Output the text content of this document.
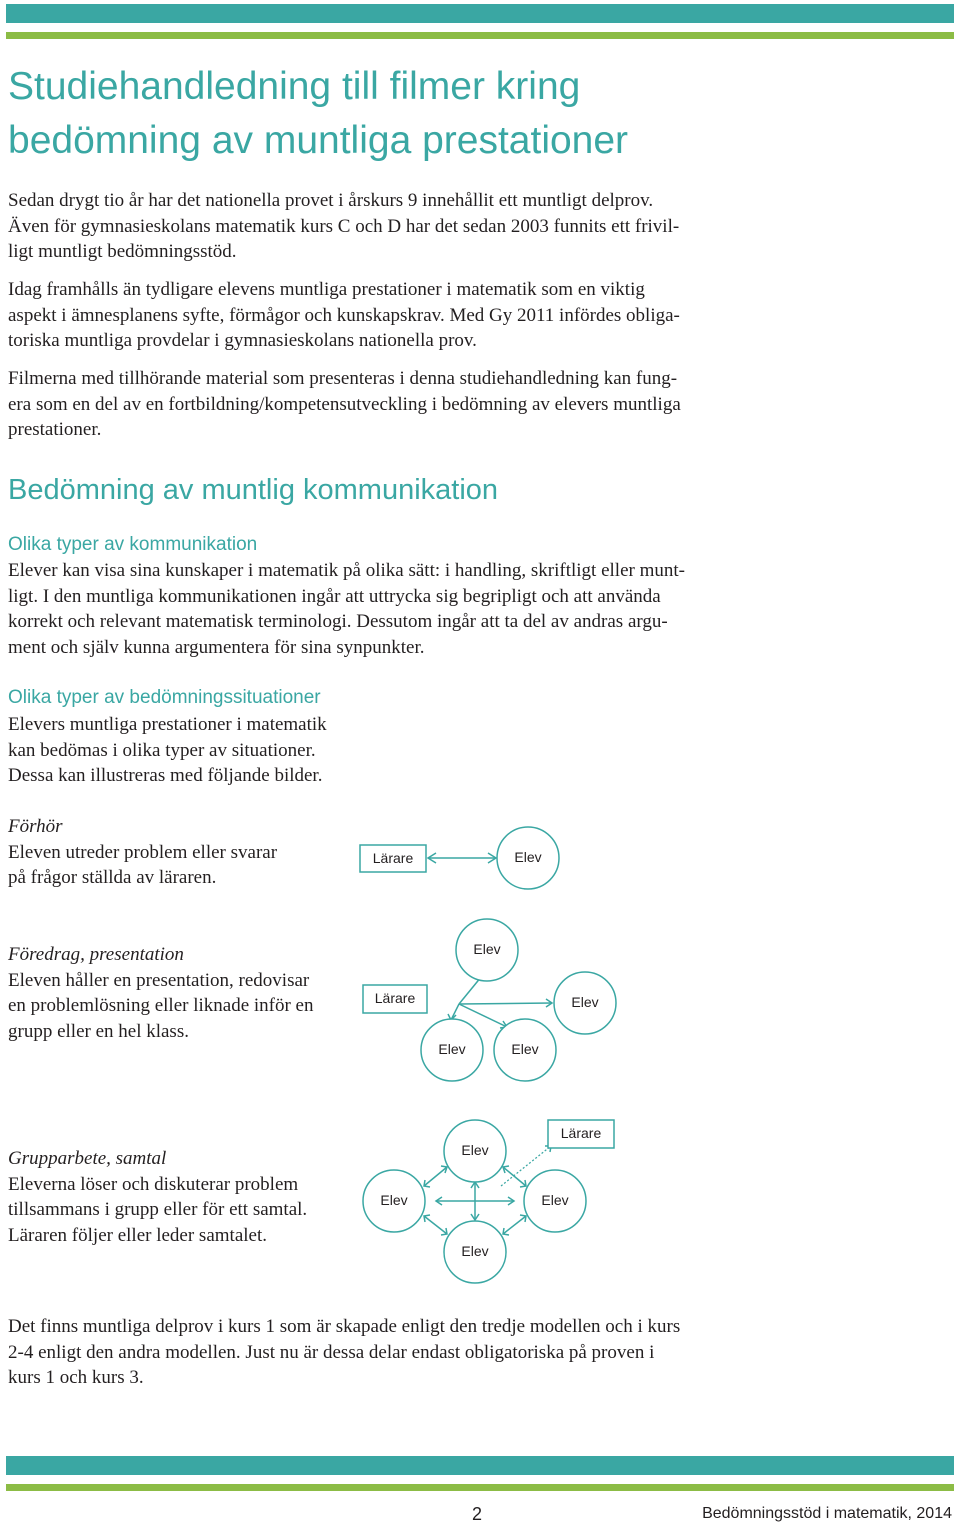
Studiehandledning till filmer kring
bedömning av muntliga prestationer

Sedan drygt tio år har det nationella provet i årskurs 9 innehållit ett muntligt delprov.
Även för gymnasieskolans matematik kurs C och D har det sedan 2003 funnits ett frivil-
ligt muntligt bedömningsstöd.

Idag framhålls än tydligare elevens muntliga prestationer i matematik som en viktig
aspekt i ämnesplanens syfte, förmågor och kunskapskrav. Med Gy 2011 infördes obliga-
toriska muntliga provdelar i gymnasieskolans nationella prov.

Filmerna med tillhörande material som presenteras i denna studiehandledning kan fung-
era som en del av en fortbildning/kompetensutveckling i bedömning av elevers muntliga
prestationer.

Bedömning av muntlig kommunikation
Olika typer av kommunikation

Elever kan visa sina kunskaper i matematik på olika sätt: i handling, skriftligt eller munt-
ligt. I den muntliga kommunikationen ingår att uttrycka sig begripligt och att använda
korrekt och relevant matematisk terminologi. Dessutom ingår att ta del av andras argu-
ment och själv kunna argumentera för sina synpunkter.

Olika typer av bedömningssituationer

Elevers muntliga prestationer i matematik
kan bedömas i olika typer av situationer.
Dessa kan illustreras med följande bilder.

Förhör
Eleven utreder problem eller svarar
på frågor ställda av läraren.

Lärare	Elev

Föredrag, presentation
Eleven håller en presentation, redovisar
en problemlösning eller liknade inför en
grupp eller en hel klass.

Lärare
Elev
Elev
Elev	Elev

Grupparbete, samtal
Eleverna löser och diskuterar problem
tillsammans i grupp eller för ett samtal.
Läraren följer eller leder samtalet.

Lärare
Elev
Elev	Elev
Elev

Det finns muntliga delprov i kurs 1 som är skapade enligt den tredje modellen och i kurs
2-4 enligt den andra modellen. Just nu är dessa delar endast obligatoriska på proven i
kurs 1 och kurs 3.

2	Bedömningsstöd i matematik, 2014
